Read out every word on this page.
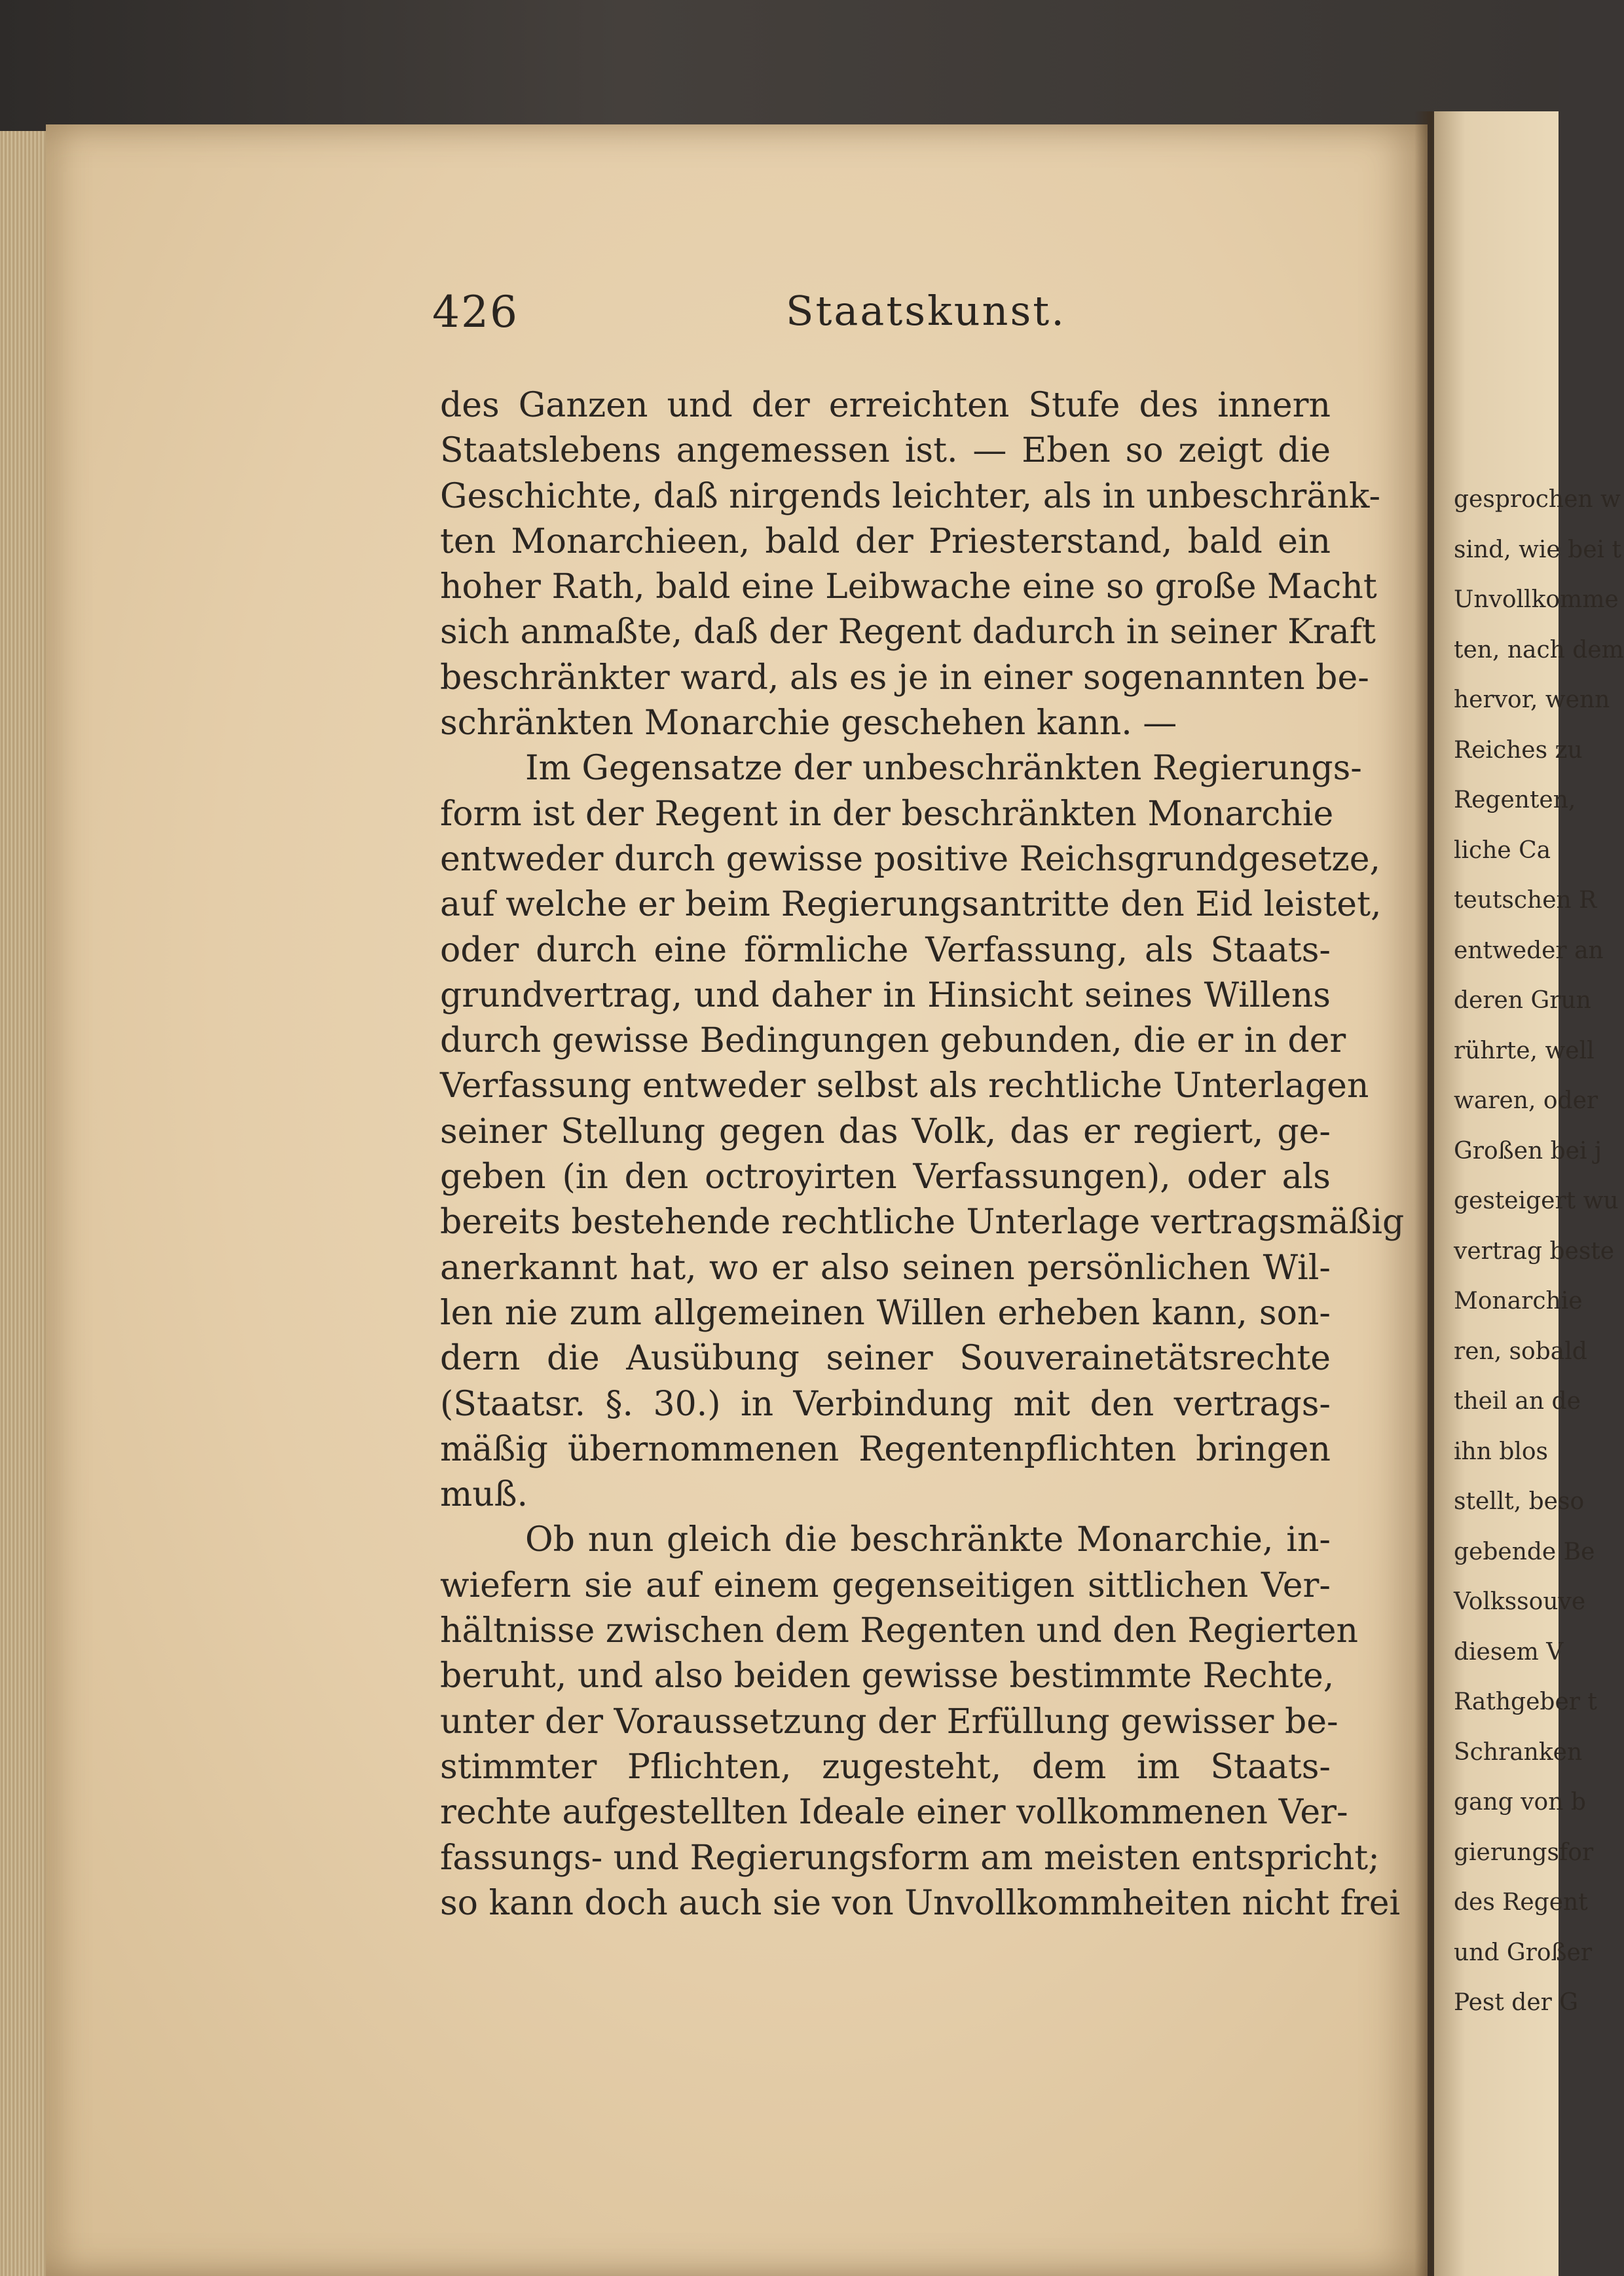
426	Staatskunst.
des Ganzen und der erreichten Stufe des innern
Staatslebens angemessen ist. — Eben so zeigt die
Geschichte, daß nirgends leichter, als in unbeschränk-
ten Monarchieen, bald der Priesterstand, bald ein
hoher Rath, bald eine Leibwache eine so große Macht
sich anmaßte, daß der Regent dadurch in seiner Kraft
beschränkter ward, als es je in einer sogenannten be-
schränkten Monarchie geschehen kann. —
Im Gegensatze der unbeschränkten Regierungs-
form ist der Regent in der beschränkten Monarchie
entweder durch gewisse positive Reichsgrundgesetze,
auf welche er beim Regierungsantritte den Eid leistet,
oder durch eine förmliche Verfassung, als Staats-
grundvertrag, und daher in Hinsicht seines Willens
durch gewisse Bedingungen gebunden, die er in der
Verfassung entweder selbst als rechtliche Unterlagen
seiner Stellung gegen das Volk, das er regiert, ge-
geben (in den octroyirten Verfassungen), oder als
bereits bestehende rechtliche Unterlage vertragsmäßig
anerkannt hat, wo er also seinen persönlichen Wil-
len nie zum allgemeinen Willen erheben kann, son-
dern die Ausübung seiner Souverainetätsrechte
(Staatsr. §. 30.) in Verbindung mit den vertrags-
mäßig übernommenen Regentenpflichten bringen
muß.
Ob nun gleich die beschränkte Monarchie, in-
wiefern sie auf einem gegenseitigen sittlichen Ver-
hältnisse zwischen dem Regenten und den Regierten
beruht, und also beiden gewisse bestimmte Rechte,
unter der Voraussetzung der Erfüllung gewisser be-
stimmter Pflichten, zugesteht, dem im Staats-
rechte aufgestellten Ideale einer vollkommenen Ver-
fassungs- und Regierungsform am meisten entspricht;
so kann doch auch sie von Unvollkommheiten nicht frei
gesprochen w
sind, wie bei t
Unvollkomme
ten, nach dem
hervor, wenn
Reiches zu
Regenten,
liche Ca
teutschen R
entweder an
deren Grun
rührte, well
waren, oder
Großen bei j
gesteigert wu
vertrag beste
Monarchie
ren, sobald
theil an de
ihn blos
stellt, beso
gebende Be
Volkssouve
diesem V
Rathgeber t
Schranken
gang von b
gierungsfor
des Regent
und Großer
Pest der G
